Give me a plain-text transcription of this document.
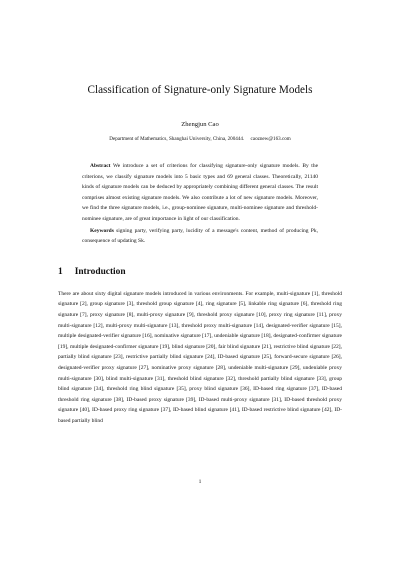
Classification of Signature-only Signature Models
Zhengjun Cao
Department of Mathematics, Shanghai University, China, 200444.     caoznew@163.com

Abstract We introduce a set of criterions for classifying signature-only signature models. By the criterions, we classify signature models into 5 basic types and 69 general classes. Theoretically, 21140 kinds of signature models can be deduced by appropriately combining different general classes. The result comprises almost existing signature models. We also contribute a lot of new signature models. Moreover, we find the three signature models, i.e., group-nominee signature, multi-nominee signature and threshold-nominee signature, are of great importance in light of our classification.

Keywords signing party, verifying party, lucidity of a message's content, method of producing Pk, consequence of updating Sk.

1 Introduction

There are about sixty digital signature models introduced in various environments. For example, multi-signature [1], threshold signature [2], group signature [3], threshold group signature [4], ring signature [5], linkable ring signature [6], threshold ring signature [7], proxy signature [8], multi-proxy signature [9], threshold proxy signature [10], proxy ring signature [11], proxy multi-signature [12], multi-proxy multi-signature [13], threshold proxy multi-signature [14], designated-verifier signature [15], multiple designated-verifier signature [16], nominative signature [17], undeniable signature [18], designated-confirmer signature [19], multiple designated-confirmer signature [19], blind signature [20], fair blind signature [21], restrictive blind signature [22], partially blind signature [23], restrictive partially blind signature [24], ID-based signature [25], forward-secure signature [26], designated-verifier proxy signature [27], nominative proxy signature [28], undeniable multi-signature [29], undeniable proxy multi-signature [30], blind multi-signature [31], threshold blind signature [32], threshold partially blind signature [33], group blind signature [34], threshold ring blind signature [35], proxy blind signature [36], ID-based ring signature [37], ID-based threshold ring signature [38], ID-based proxy signature [39], ID-based multi-proxy signature [31], ID-based threshold proxy signature [40], ID-based proxy ring signature [37], ID-based blind signature [41], ID-based restrictive blind signature [42], ID-based partially blind

1
